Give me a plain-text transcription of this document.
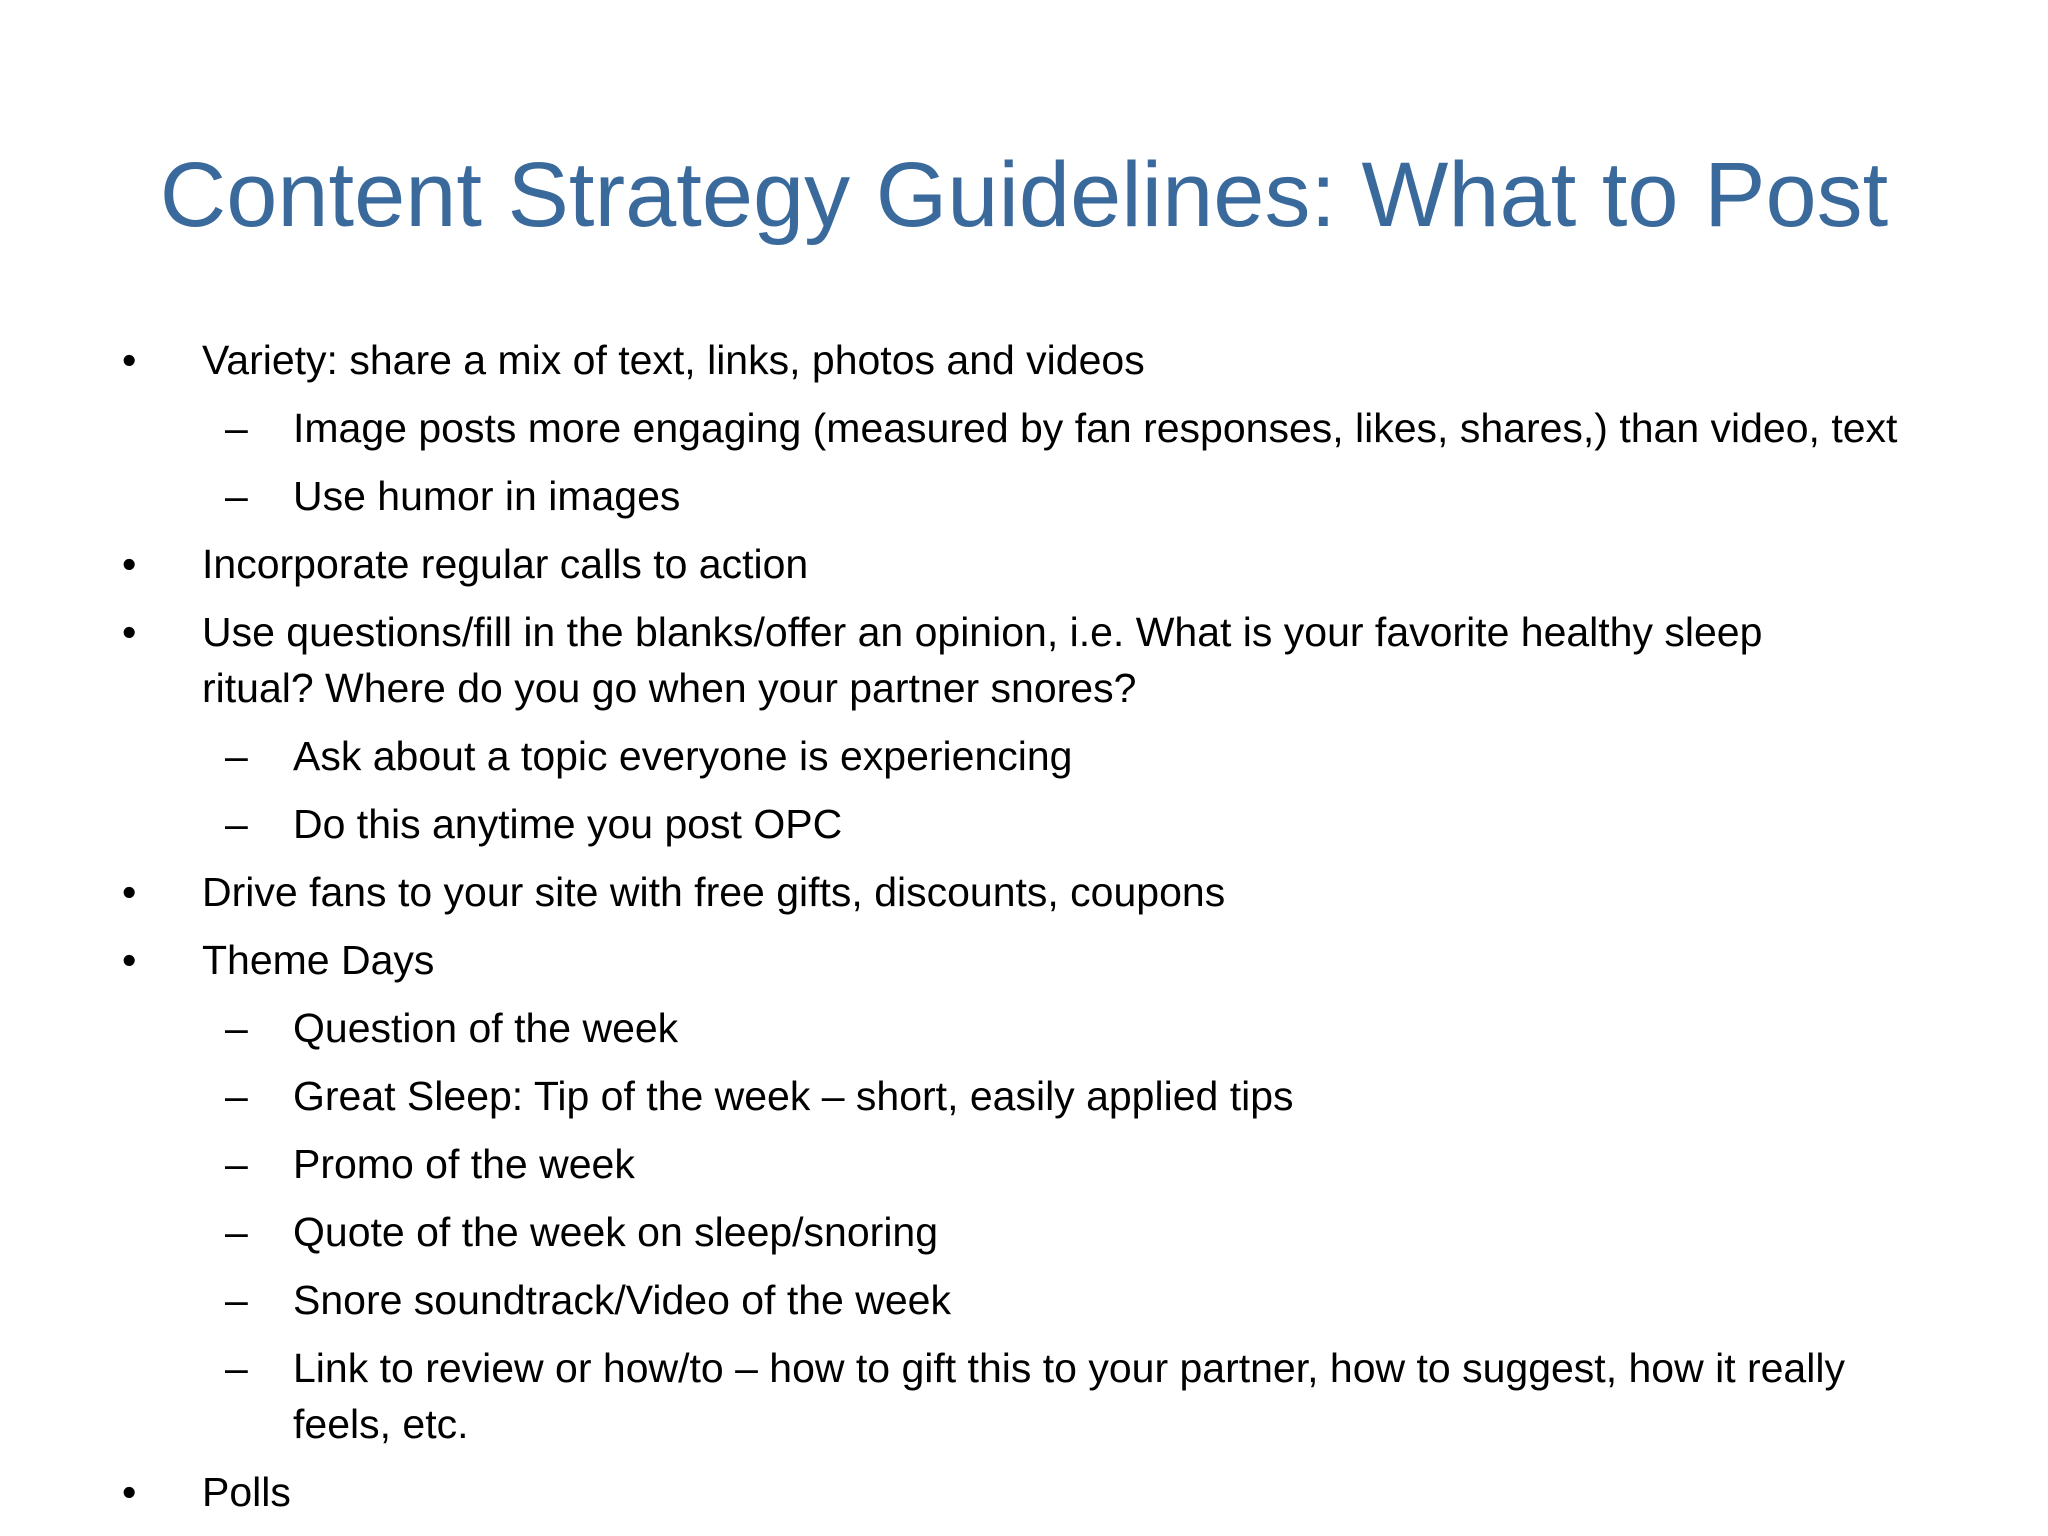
Content Strategy Guidelines: What to Post
• Variety: share a mix of text, links, photos and videos
– Image posts more engaging (measured by fan responses, likes, shares,) than video, text
– Use humor in images
• Incorporate regular calls to action
• Use questions/fill in the blanks/offer an opinion, i.e. What is your favorite healthy sleep
ritual? Where do you go when your partner snores?
– Ask about a topic everyone is experiencing
– Do this anytime you post OPC
• Drive fans to your site with free gifts, discounts, coupons
• Theme Days
– Question of the week
– Great Sleep: Tip of the week – short, easily applied tips
– Promo of the week
– Quote of the week on sleep/snoring
– Snore soundtrack/Video of the week
– Link to review or how/to – how to gift this to your partner, how to suggest, how it really
feels, etc.
• Polls
